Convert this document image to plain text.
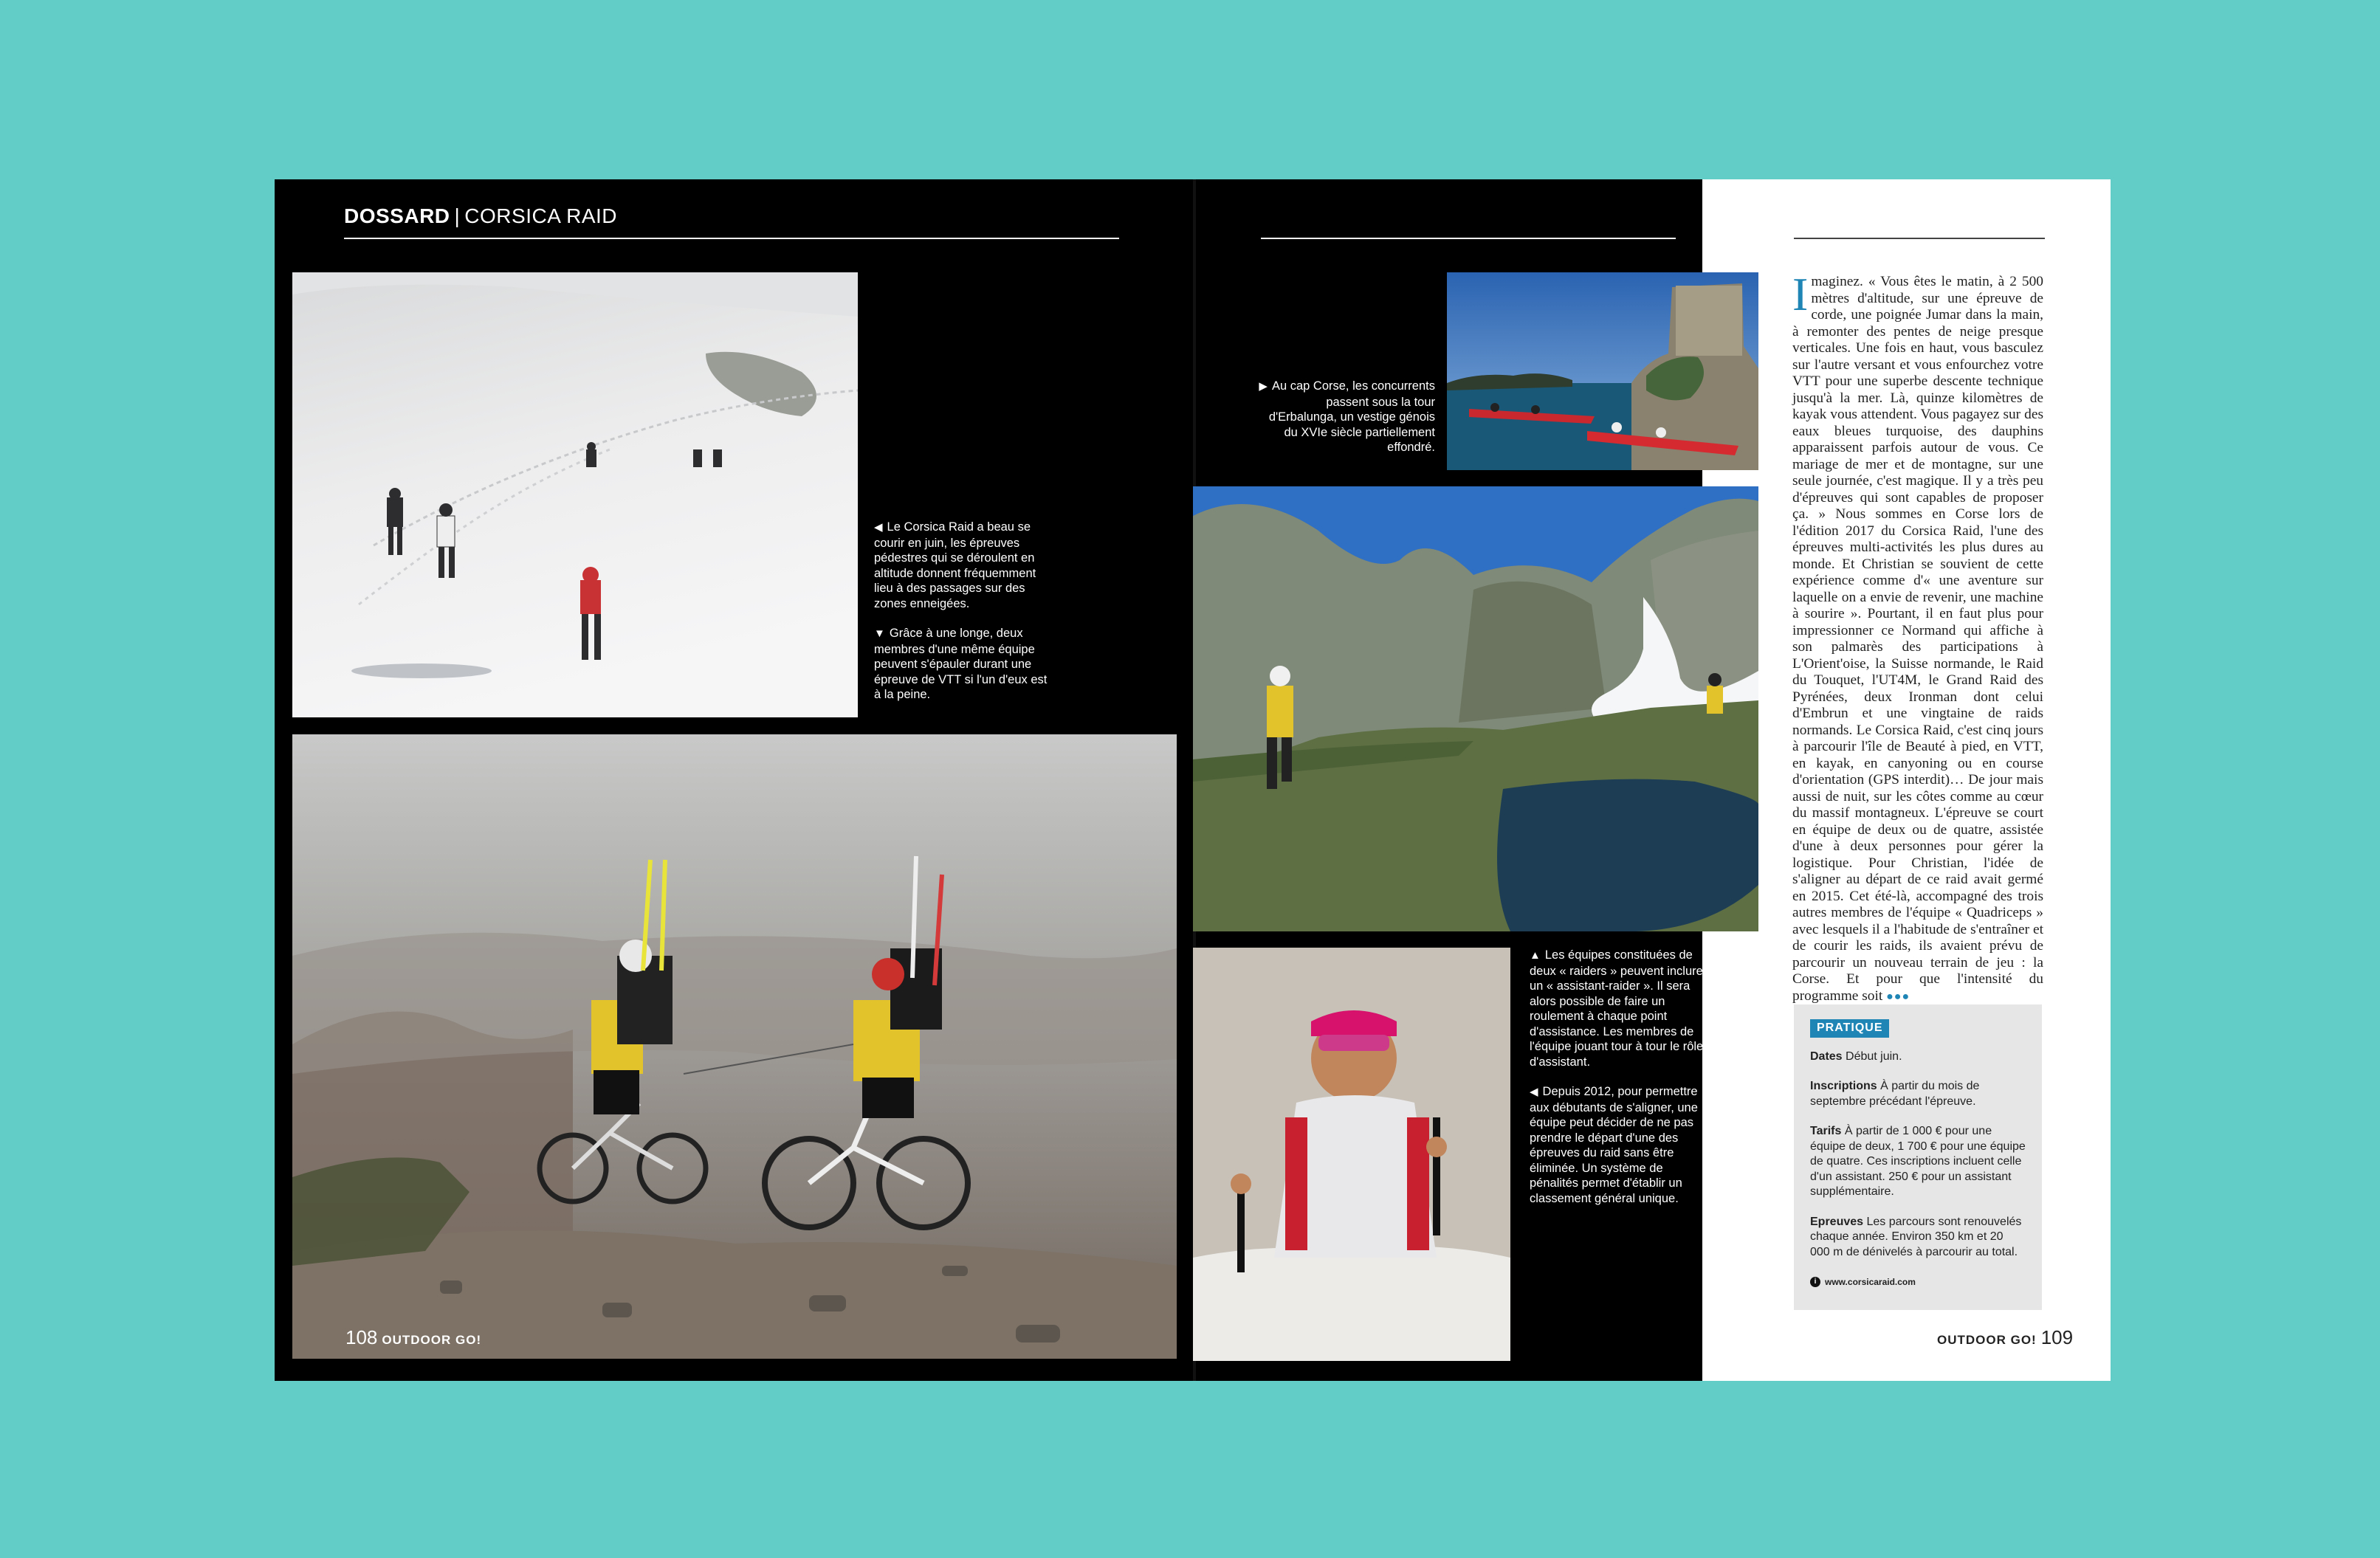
DOSSARD | CORSICA RAID

◀ Le Corsica Raid a beau se courir en juin, les épreuves pédestres qui se déroulent en altitude donnent fréquemment lieu à des passages sur des zones enneigées.

▼ Grâce à une longe, deux membres d'une même équipe peuvent s'épauler durant une épreuve de VTT si l'un d'eux est à la peine.

108 OUTDOOR GO!

▶ Au cap Corse, les concurrents passent sous la tour d'Erbalunga, un vestige génois du XVIe siècle partiellement effondré.

▲ Les équipes constituées de deux « raiders » peuvent inclure un « assistant-raider ». Il sera alors possible de faire un roulement à chaque point d'assistance. Les membres de l'équipe jouant tour à tour le rôle d'assistant.

◀ Depuis 2012, pour permettre aux débutants de s'aligner, une équipe peut décider de ne pas prendre le départ d'une des épreuves du raid sans être éliminée. Un système de pénalités permet d'établir un classement général unique.

OUTDOOR GO! 109
Imaginez. « Vous êtes le matin, à 2 500 mètres d'altitude, sur une épreuve de corde, une poignée Jumar dans la main, à remonter des pentes de neige presque verticales. Une fois en haut, vous basculez sur l'autre versant et vous enfourchez votre VTT pour une superbe descente technique jusqu'à la mer. Là, quinze kilomètres de kayak vous attendent. Vous pagayez sur des eaux bleues turquoise, des dauphins apparaissent parfois autour de vous. Ce mariage de mer et de montagne, sur une seule journée, c'est magique. Il y a très peu d'épreuves qui sont capables de proposer ça. » Nous sommes en Corse lors de l'édition 2017 du Corsica Raid, l'une des épreuves multi-activités les plus dures au monde. Et Christian se souvient de cette expérience comme d'« une aventure sur laquelle on a envie de revenir, une machine à sourire ». Pourtant, il en faut plus pour impressionner ce Normand qui affiche à son palmarès des participations à L'Orient'oise, la Suisse normande, le Raid du Touquet, l'UT4M, le Grand Raid des Pyrénées, deux Ironman dont celui d'Embrun et une vingtaine de raids normands. Le Corsica Raid, c'est cinq jours à parcourir l'île de Beauté à pied, en VTT, en kayak, en canyoning ou en course d'orientation (GPS interdit)… De jour mais aussi de nuit, sur les côtes comme au cœur du massif montagneux. L'épreuve se court en équipe de deux ou de quatre, assistée d'une à deux personnes pour gérer la logistique. Pour Christian, l'idée de s'aligner au départ de ce raid avait germé en 2015. Cet été-là, accompagné des trois autres membres de l'équipe « Quadriceps » avec lesquels il a l'habitude de s'entraîner et de courir les raids, ils avaient prévu de parcourir un nouveau terrain de jeu : la Corse. Et pour que l'intensité du programme soit ●●●
PRATIQUE
Dates Début juin.
Inscriptions À partir du mois de septembre précédant l'épreuve.
Tarifs À partir de 1 000 € pour une équipe de deux, 1 700 € pour une équipe de quatre. Ces inscriptions incluent celle d'un assistant. 250 € pour un assistant supplémentaire.
Epreuves Les parcours sont renouvelés chaque année. Environ 350 km et 20 000 m de dénivelés à parcourir au total.
i www.corsicaraid.com
